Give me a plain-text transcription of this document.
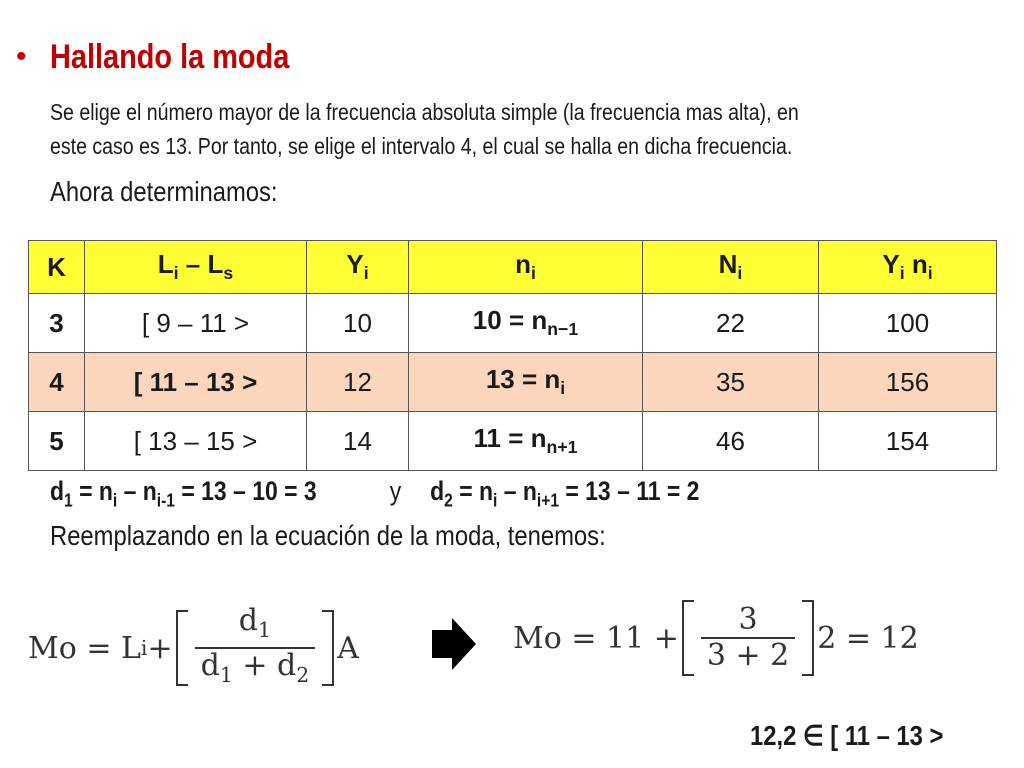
• Hallando la moda
Se elige el número mayor de la frecuencia absoluta simple (la frecuencia mas alta), en
este caso es 13. Por tanto, se elige el intervalo 4, el cual se halla en dicha frecuencia.
Ahora determinamos:
K	$L_i - L_s$	$Y_i$	$n_i$	$N_i$	$Y_i$ $n_i$
3	[ 9 – 11 >	10	$10 = n_{n-1}$	22	100
4	[ 11 – 13 >	12	$13 = n_i$	35	156
5	[ 13 – 15 >	14	$11 = n_{n+1}$	46	154
$d_1 = n_i - n_{i-1} = 13 - 10 = 3$	y $d_2 = n_i - n_{i+1} = 13 - 11 = 2$
Reemplazando en la ecuación de la moda, tenemos:
Mo = L $i + \frac{d_1}{d_1 + d_2}$ A	$Mo = 11 + \frac{3}{3 + 2} 2 = 12$
12,2 ∈ [ 11 – 13 >
